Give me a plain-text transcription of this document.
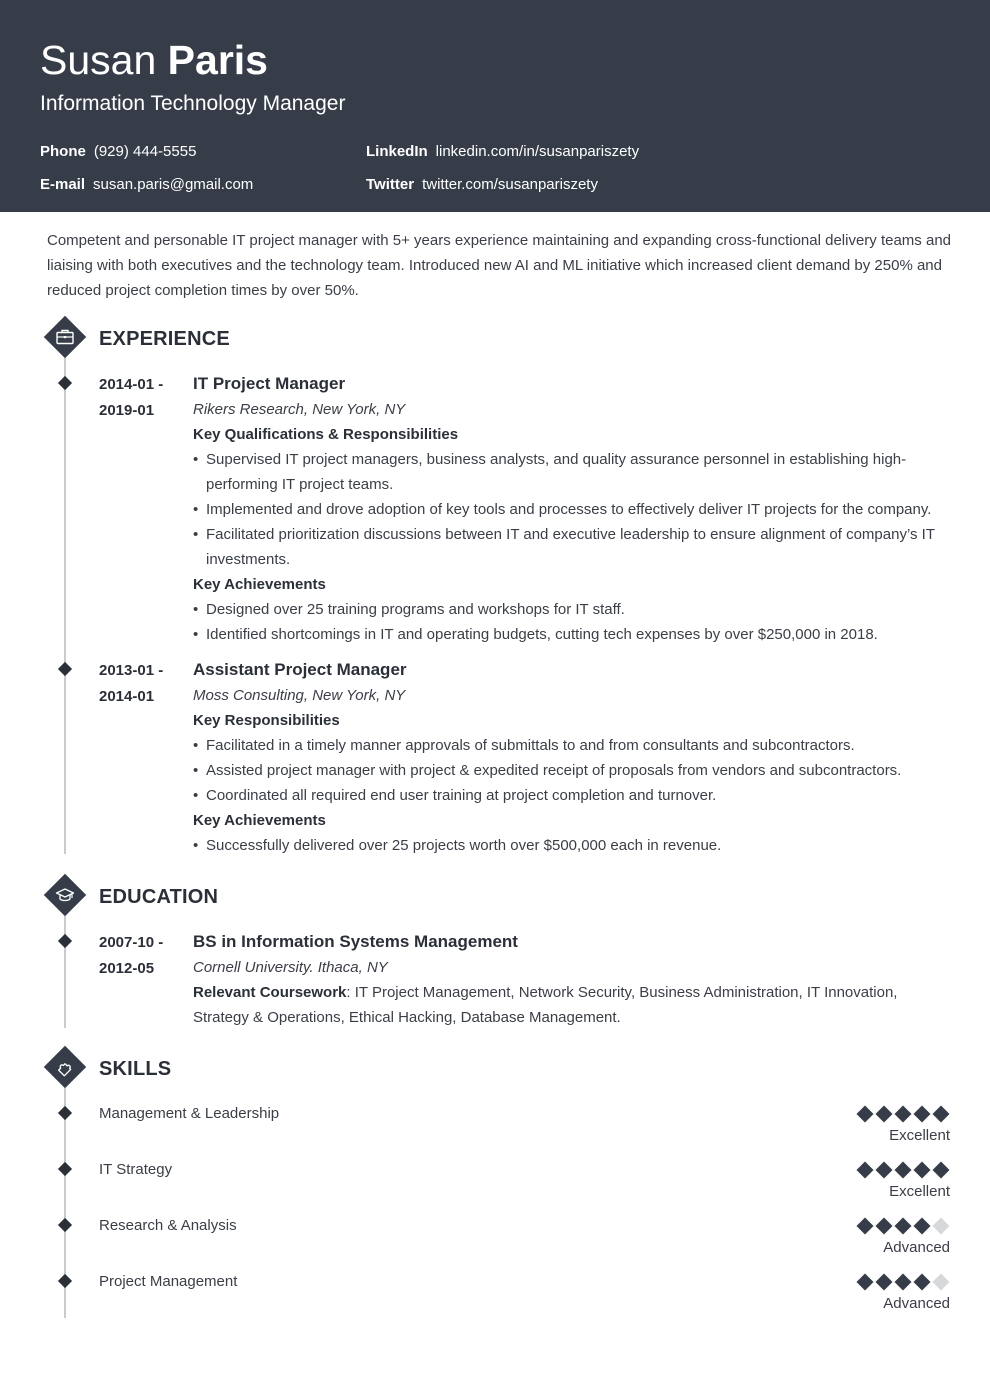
Susan Paris
Information Technology Manager
Phone (929) 444-5555
E-mail susan.paris@gmail.com
LinkedIn linkedin.com/in/susanpariszety
Twitter twitter.com/susanpariszety
Competent and personable IT project manager with 5+ years experience maintaining and expanding cross-functional delivery teams and liaising with both executives and the technology team. Introduced new AI and ML initiative which increased client demand by 250% and reduced project completion times by over 50%.
EXPERIENCE
2014-01 -
2019-01
IT Project Manager
Rikers Research, New York, NY
Key Qualifications & Responsibilities
• Supervised IT project managers, business analysts, and quality assurance personnel in establishing high-performing IT project teams.
• Implemented and drove adoption of key tools and processes to effectively deliver IT projects for the company.
• Facilitated prioritization discussions between IT and executive leadership to ensure alignment of company’s IT investments.
Key Achievements
• Designed over 25 training programs and workshops for IT staff.
• Identified shortcomings in IT and operating budgets, cutting tech expenses by over $250,000 in 2018.
2013-01 -
2014-01
Assistant Project Manager
Moss Consulting, New York, NY
Key Responsibilities
• Facilitated in a timely manner approvals of submittals to and from consultants and subcontractors.
• Assisted project manager with project & expedited receipt of proposals from vendors and subcontractors.
• Coordinated all required end user training at project completion and turnover.
Key Achievements
• Successfully delivered over 25 projects worth over $500,000 each in revenue.
EDUCATION
2007-10 -
2012-05
BS in Information Systems Management
Cornell University. Ithaca, NY
Relevant Coursework: IT Project Management, Network Security, Business Administration, IT Innovation, Strategy & Operations, Ethical Hacking, Database Management.
SKILLS
Management & Leadership
Excellent
IT Strategy
Excellent
Research & Analysis
Advanced
Project Management
Advanced
